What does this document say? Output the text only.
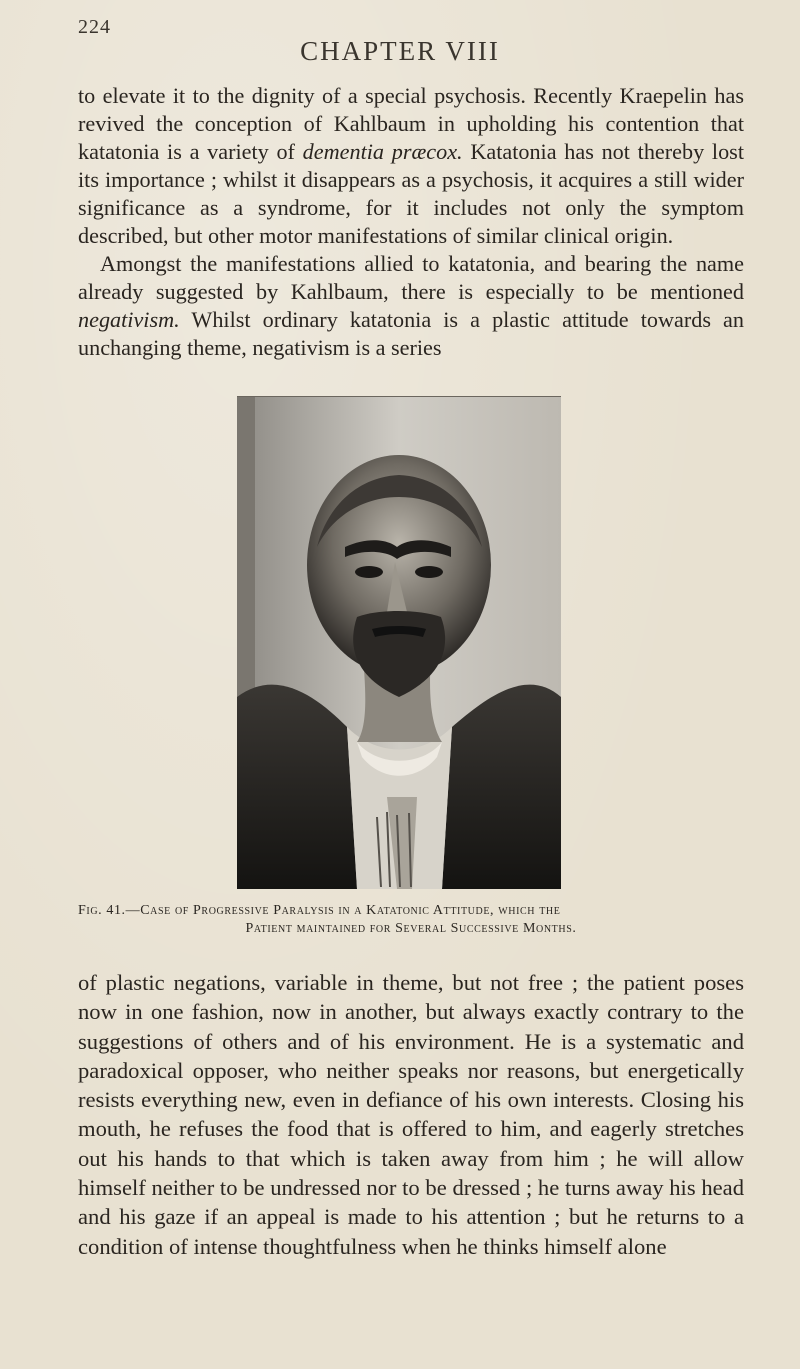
224
CHAPTER VIII

to elevate it to the dignity of a special psychosis. Recently Kraepelin has revived the conception of Kahlbaum in upholding his contention that katatonia is a variety of dementia præcox. Katatonia has not thereby lost its importance ; whilst it disappears as a psychosis, it acquires a still wider significance as a syndrome, for it includes not only the symptom described, but other motor manifestations of similar clinical origin.

Amongst the manifestations allied to katatonia, and bearing the name already suggested by Kahlbaum, there is especially to be mentioned negativism. Whilst ordinary katatonia is a plastic attitude towards an unchanging theme, negativism is a series

Fig. 41.—Case of Progressive Paralysis in a Katatonic Attitude, which the
Patient maintained for Several Successive Months.

of plastic negations, variable in theme, but not free ; the patient poses now in one fashion, now in another, but always exactly contrary to the suggestions of others and of his environment. He is a systematic and paradoxical opposer, who neither speaks nor reasons, but energetically resists everything new, even in defiance of his own interests. Closing his mouth, he refuses the food that is offered to him, and eagerly stretches out his hands to that which is taken away from him ; he will allow himself neither to be undressed nor to be dressed ; he turns away his head and his gaze if an appeal is made to his attention ; but he returns to a condition of intense thoughtfulness when he thinks himself alone
